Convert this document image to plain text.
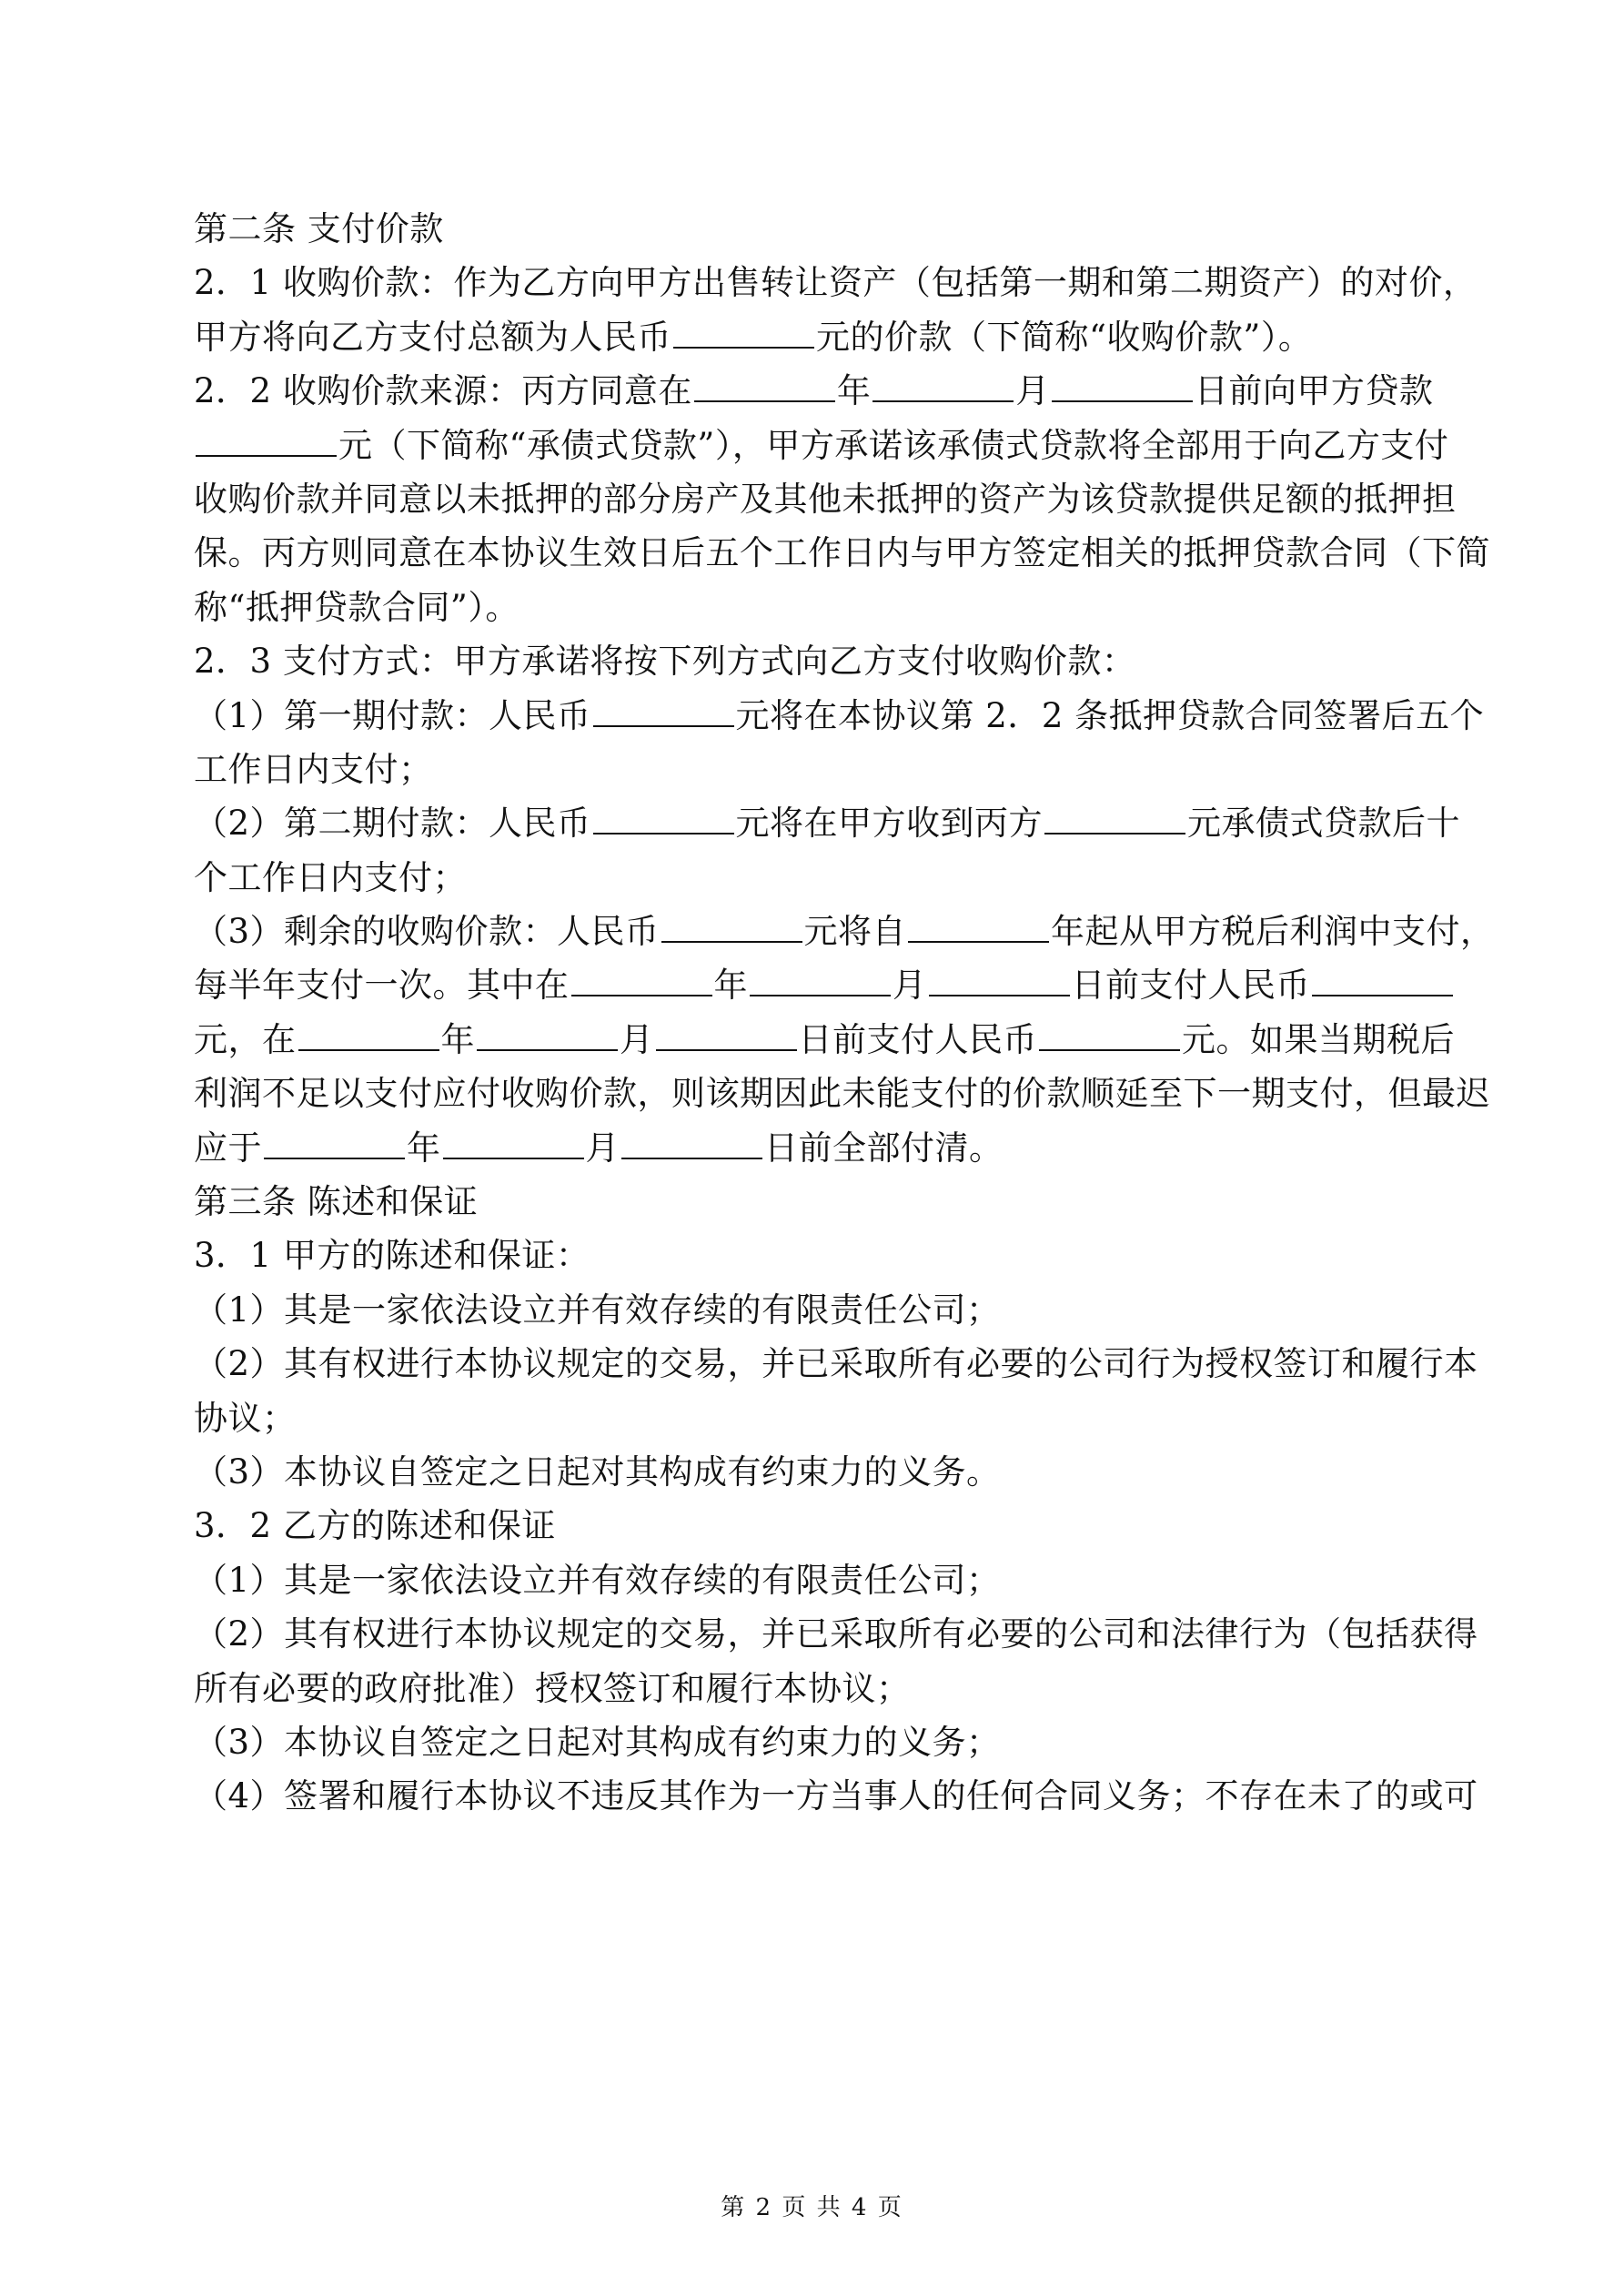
第二条 支付价款
2．1 收购价款：作为乙方向甲方出售转让资产（包括第一期和第二期资产）的对价，
甲方将向乙方支付总额为人民币	元的价款（下简称“收购价款”）。
2．2 收购价款来源：丙方同意在	年	月	日前向甲方贷款
元（下简称“承债式贷款”），甲方承诺该承债式贷款将全部用于向乙方支付
收购价款并同意以未抵押的部分房产及其他未抵押的资产为该贷款提供足额的抵押担
保。丙方则同意在本协议生效日后五个工作日内与甲方签定相关的抵押贷款合同（下简
称“抵押贷款合同”）。
2．3 支付方式：甲方承诺将按下列方式向乙方支付收购价款：
（1）第一期付款：人民币	元将在本协议第 2．2 条抵押贷款合同签署后五个
工作日内支付；
（2）第二期付款：人民币	元将在甲方收到丙方	元承债式贷款后十
个工作日内支付；
（3）剩余的收购价款：人民币	元将自	年起从甲方税后利润中支付，
每半年支付一次。其中在	年	月	日前支付人民币
元，在	年	月	日前支付人民币	元。如果当期税后
利润不足以支付应付收购价款，则该期因此未能支付的价款顺延至下一期支付，但最迟
应于	年	月	日前全部付清。
第三条 陈述和保证
3．1 甲方的陈述和保证：
（1）其是一家依法设立并有效存续的有限责任公司；
（2）其有权进行本协议规定的交易，并已采取所有必要的公司行为授权签订和履行本
协议；
（3）本协议自签定之日起对其构成有约束力的义务。
3．2 乙方的陈述和保证
（1）其是一家依法设立并有效存续的有限责任公司；
（2）其有权进行本协议规定的交易，并已采取所有必要的公司和法律行为（包括获得
所有必要的政府批准）授权签订和履行本协议；
（3）本协议自签定之日起对其构成有约束力的义务；
（4）签署和履行本协议不违反其作为一方当事人的任何合同义务；不存在未了的或可
第 2 页 共 4 页
